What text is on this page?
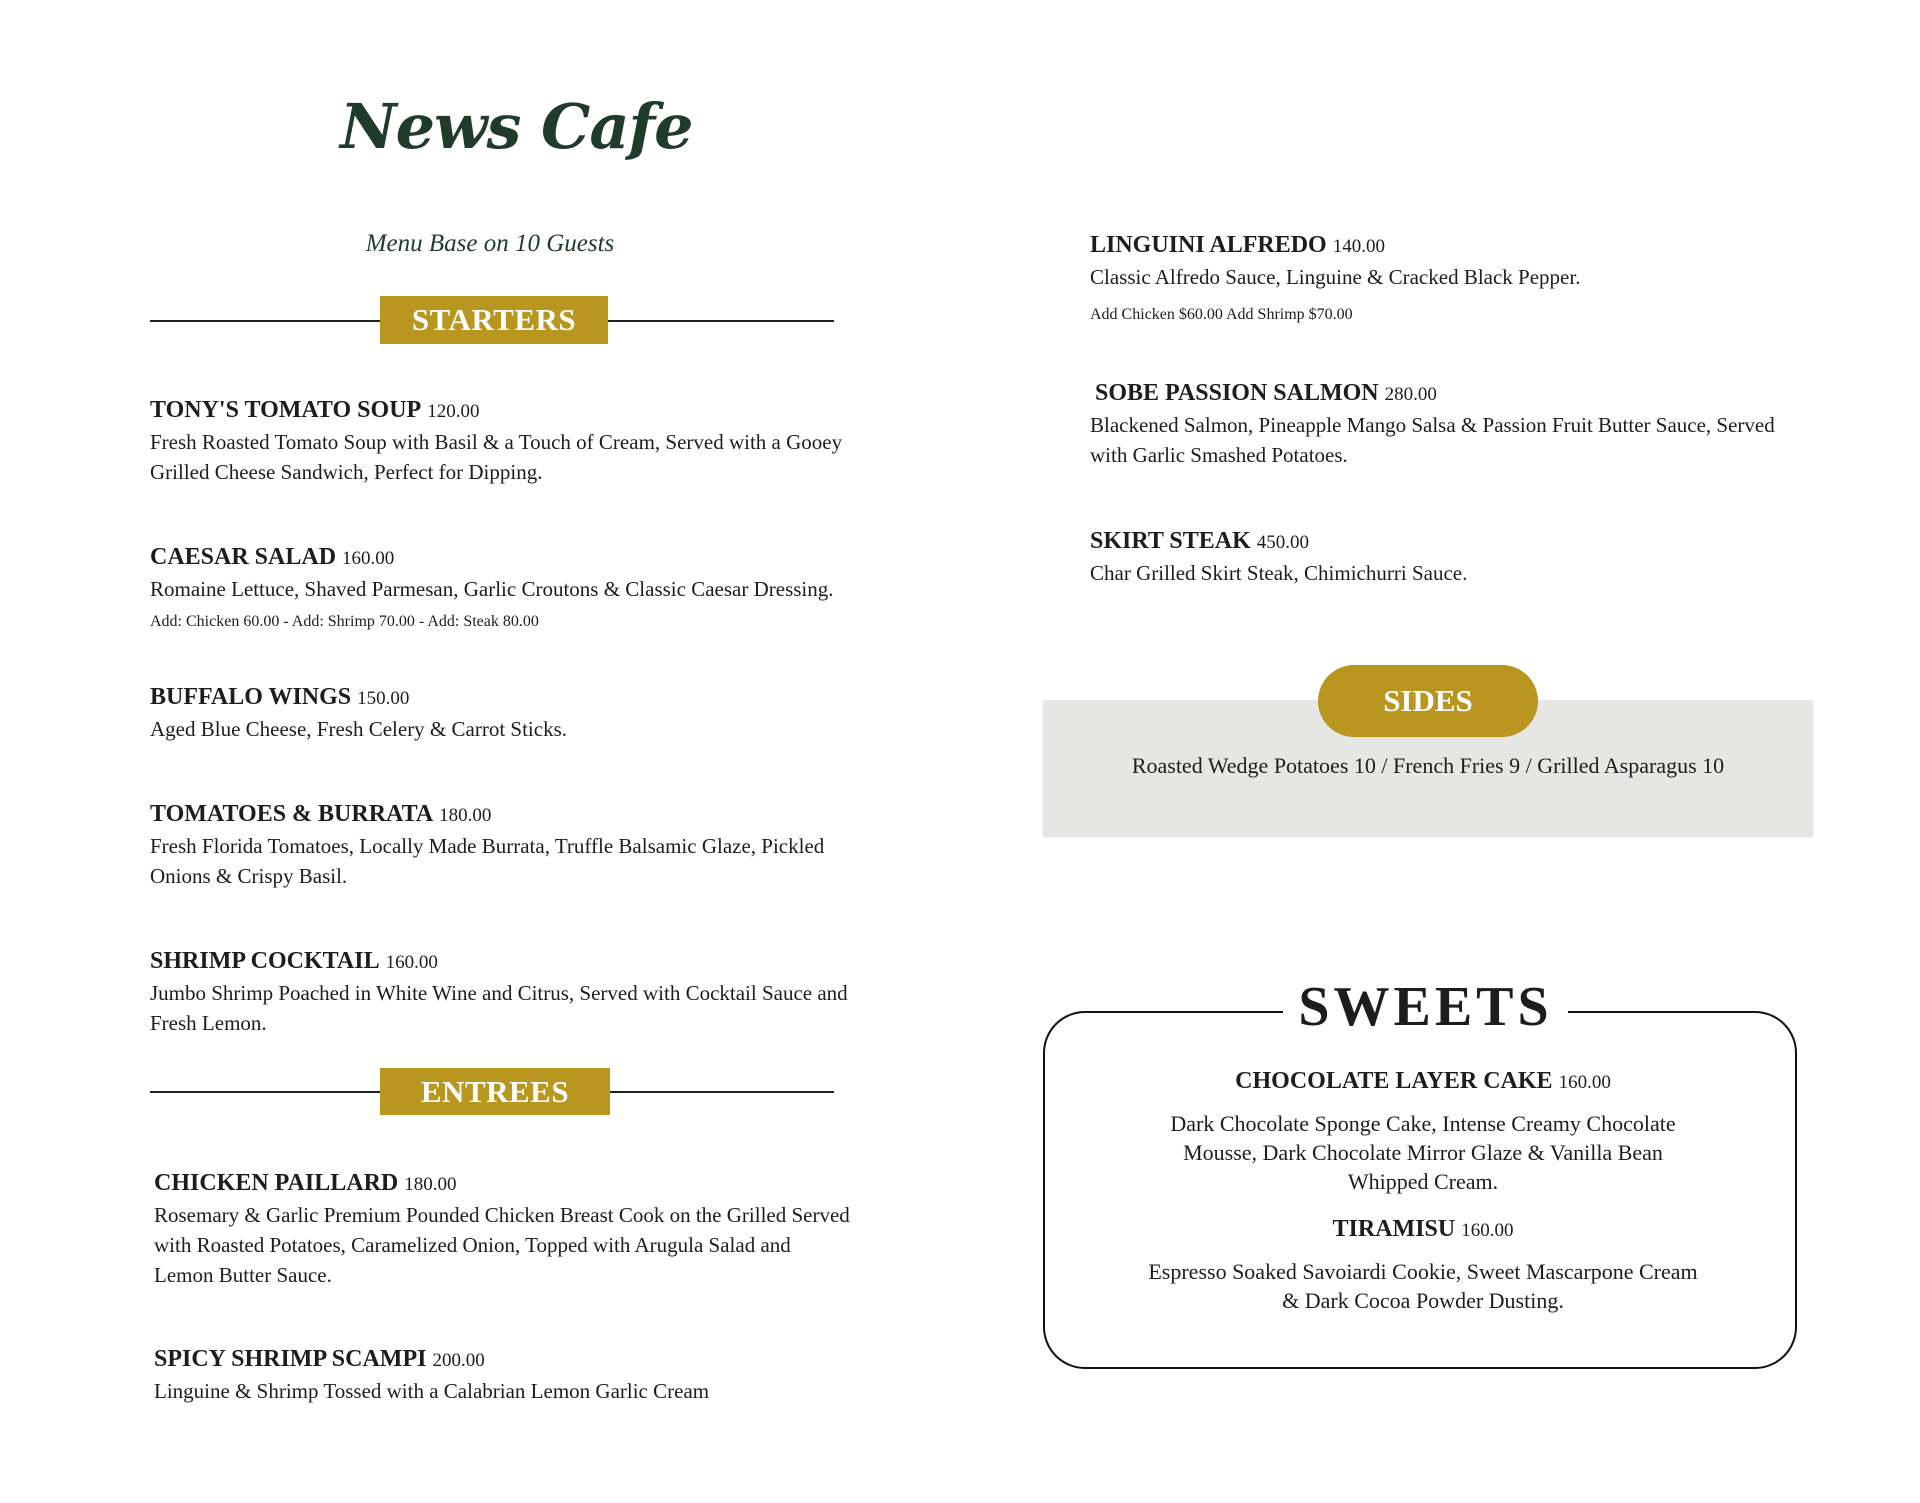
News Cafe
Menu Base on 10 Guests
STARTERS
TONY'S TOMATO SOUP 120.00
Fresh Roasted Tomato Soup with Basil & a Touch of Cream, Served with a Gooey Grilled Cheese Sandwich, Perfect for Dipping.
CAESAR SALAD 160.00
Romaine Lettuce, Shaved Parmesan, Garlic Croutons & Classic Caesar Dressing. Add: Chicken 60.00 - Add: Shrimp 70.00 - Add: Steak 80.00
BUFFALO WINGS 150.00
Aged Blue Cheese, Fresh Celery & Carrot Sticks.
TOMATOES & BURRATA 180.00
Fresh Florida Tomatoes, Locally Made Burrata, Truffle Balsamic Glaze, Pickled Onions & Crispy Basil.
SHRIMP COCKTAIL 160.00
Jumbo Shrimp Poached in White Wine and Citrus, Served with Cocktail Sauce and Fresh Lemon.
ENTREES
CHICKEN PAILLARD 180.00
Rosemary & Garlic Premium Pounded Chicken Breast Cook on the Grilled Served with Roasted Potatoes, Caramelized Onion, Topped with Arugula Salad and Lemon Butter Sauce.
SPICY SHRIMP SCAMPI 200.00
Linguine & Shrimp Tossed with a Calabrian Lemon Garlic Cream
LINGUINI ALFREDO 140.00
Classic Alfredo Sauce, Linguine & Cracked Black Pepper.
Add Chicken $60.00 Add Shrimp $70.00
SOBE PASSION SALMON 280.00
Blackened Salmon, Pineapple Mango Salsa & Passion Fruit Butter Sauce, Served with Garlic Smashed Potatoes.
SKIRT STEAK 450.00
Char Grilled Skirt Steak, Chimichurri Sauce.
SIDES
Roasted Wedge Potatoes 10 / French Fries 9 / Grilled Asparagus 10
SWEETS
CHOCOLATE LAYER CAKE 160.00
Dark Chocolate Sponge Cake, Intense Creamy Chocolate Mousse, Dark Chocolate Mirror Glaze & Vanilla Bean Whipped Cream.
TIRAMISU 160.00
Espresso Soaked Savoiardi Cookie, Sweet Mascarpone Cream & Dark Cocoa Powder Dusting.
